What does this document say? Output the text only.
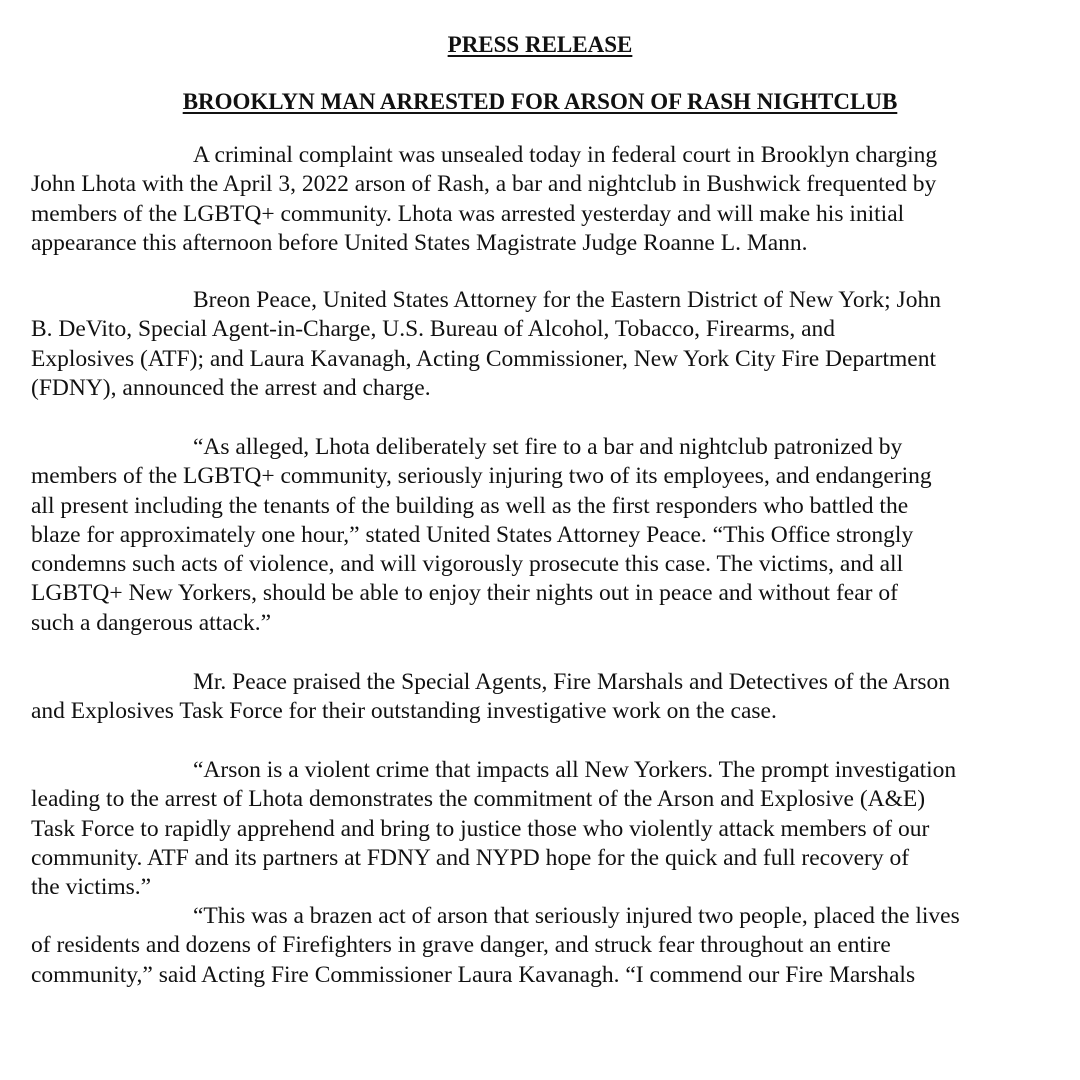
PRESS RELEASE
BROOKLYN MAN ARRESTED FOR ARSON OF RASH NIGHTCLUB
A criminal complaint was unsealed today in federal court in Brooklyn charging
John Lhota with the April 3, 2022 arson of Rash, a bar and nightclub in Bushwick frequented by
members of the LGBTQ+ community. Lhota was arrested yesterday and will make his initial
appearance this afternoon before United States Magistrate Judge Roanne L. Mann.
Breon Peace, United States Attorney for the Eastern District of New York; John
B. DeVito, Special Agent-in-Charge, U.S. Bureau of Alcohol, Tobacco, Firearms, and
Explosives (ATF); and Laura Kavanagh, Acting Commissioner, New York City Fire Department
(FDNY), announced the arrest and charge.
“As alleged, Lhota deliberately set fire to a bar and nightclub patronized by
members of the LGBTQ+ community, seriously injuring two of its employees, and endangering
all present including the tenants of the building as well as the first responders who battled the
blaze for approximately one hour,” stated United States Attorney Peace. “This Office strongly
condemns such acts of violence, and will vigorously prosecute this case. The victims, and all
LGBTQ+ New Yorkers, should be able to enjoy their nights out in peace and without fear of
such a dangerous attack.”
Mr. Peace praised the Special Agents, Fire Marshals and Detectives of the Arson
and Explosives Task Force for their outstanding investigative work on the case.
“Arson is a violent crime that impacts all New Yorkers. The prompt investigation
leading to the arrest of Lhota demonstrates the commitment of the Arson and Explosive (A&E)
Task Force to rapidly apprehend and bring to justice those who violently attack members of our
community. ATF and its partners at FDNY and NYPD hope for the quick and full recovery of
the victims.”
“This was a brazen act of arson that seriously injured two people, placed the lives
of residents and dozens of Firefighters in grave danger, and struck fear throughout an entire
community,” said Acting Fire Commissioner Laura Kavanagh. “I commend our Fire Marshals
